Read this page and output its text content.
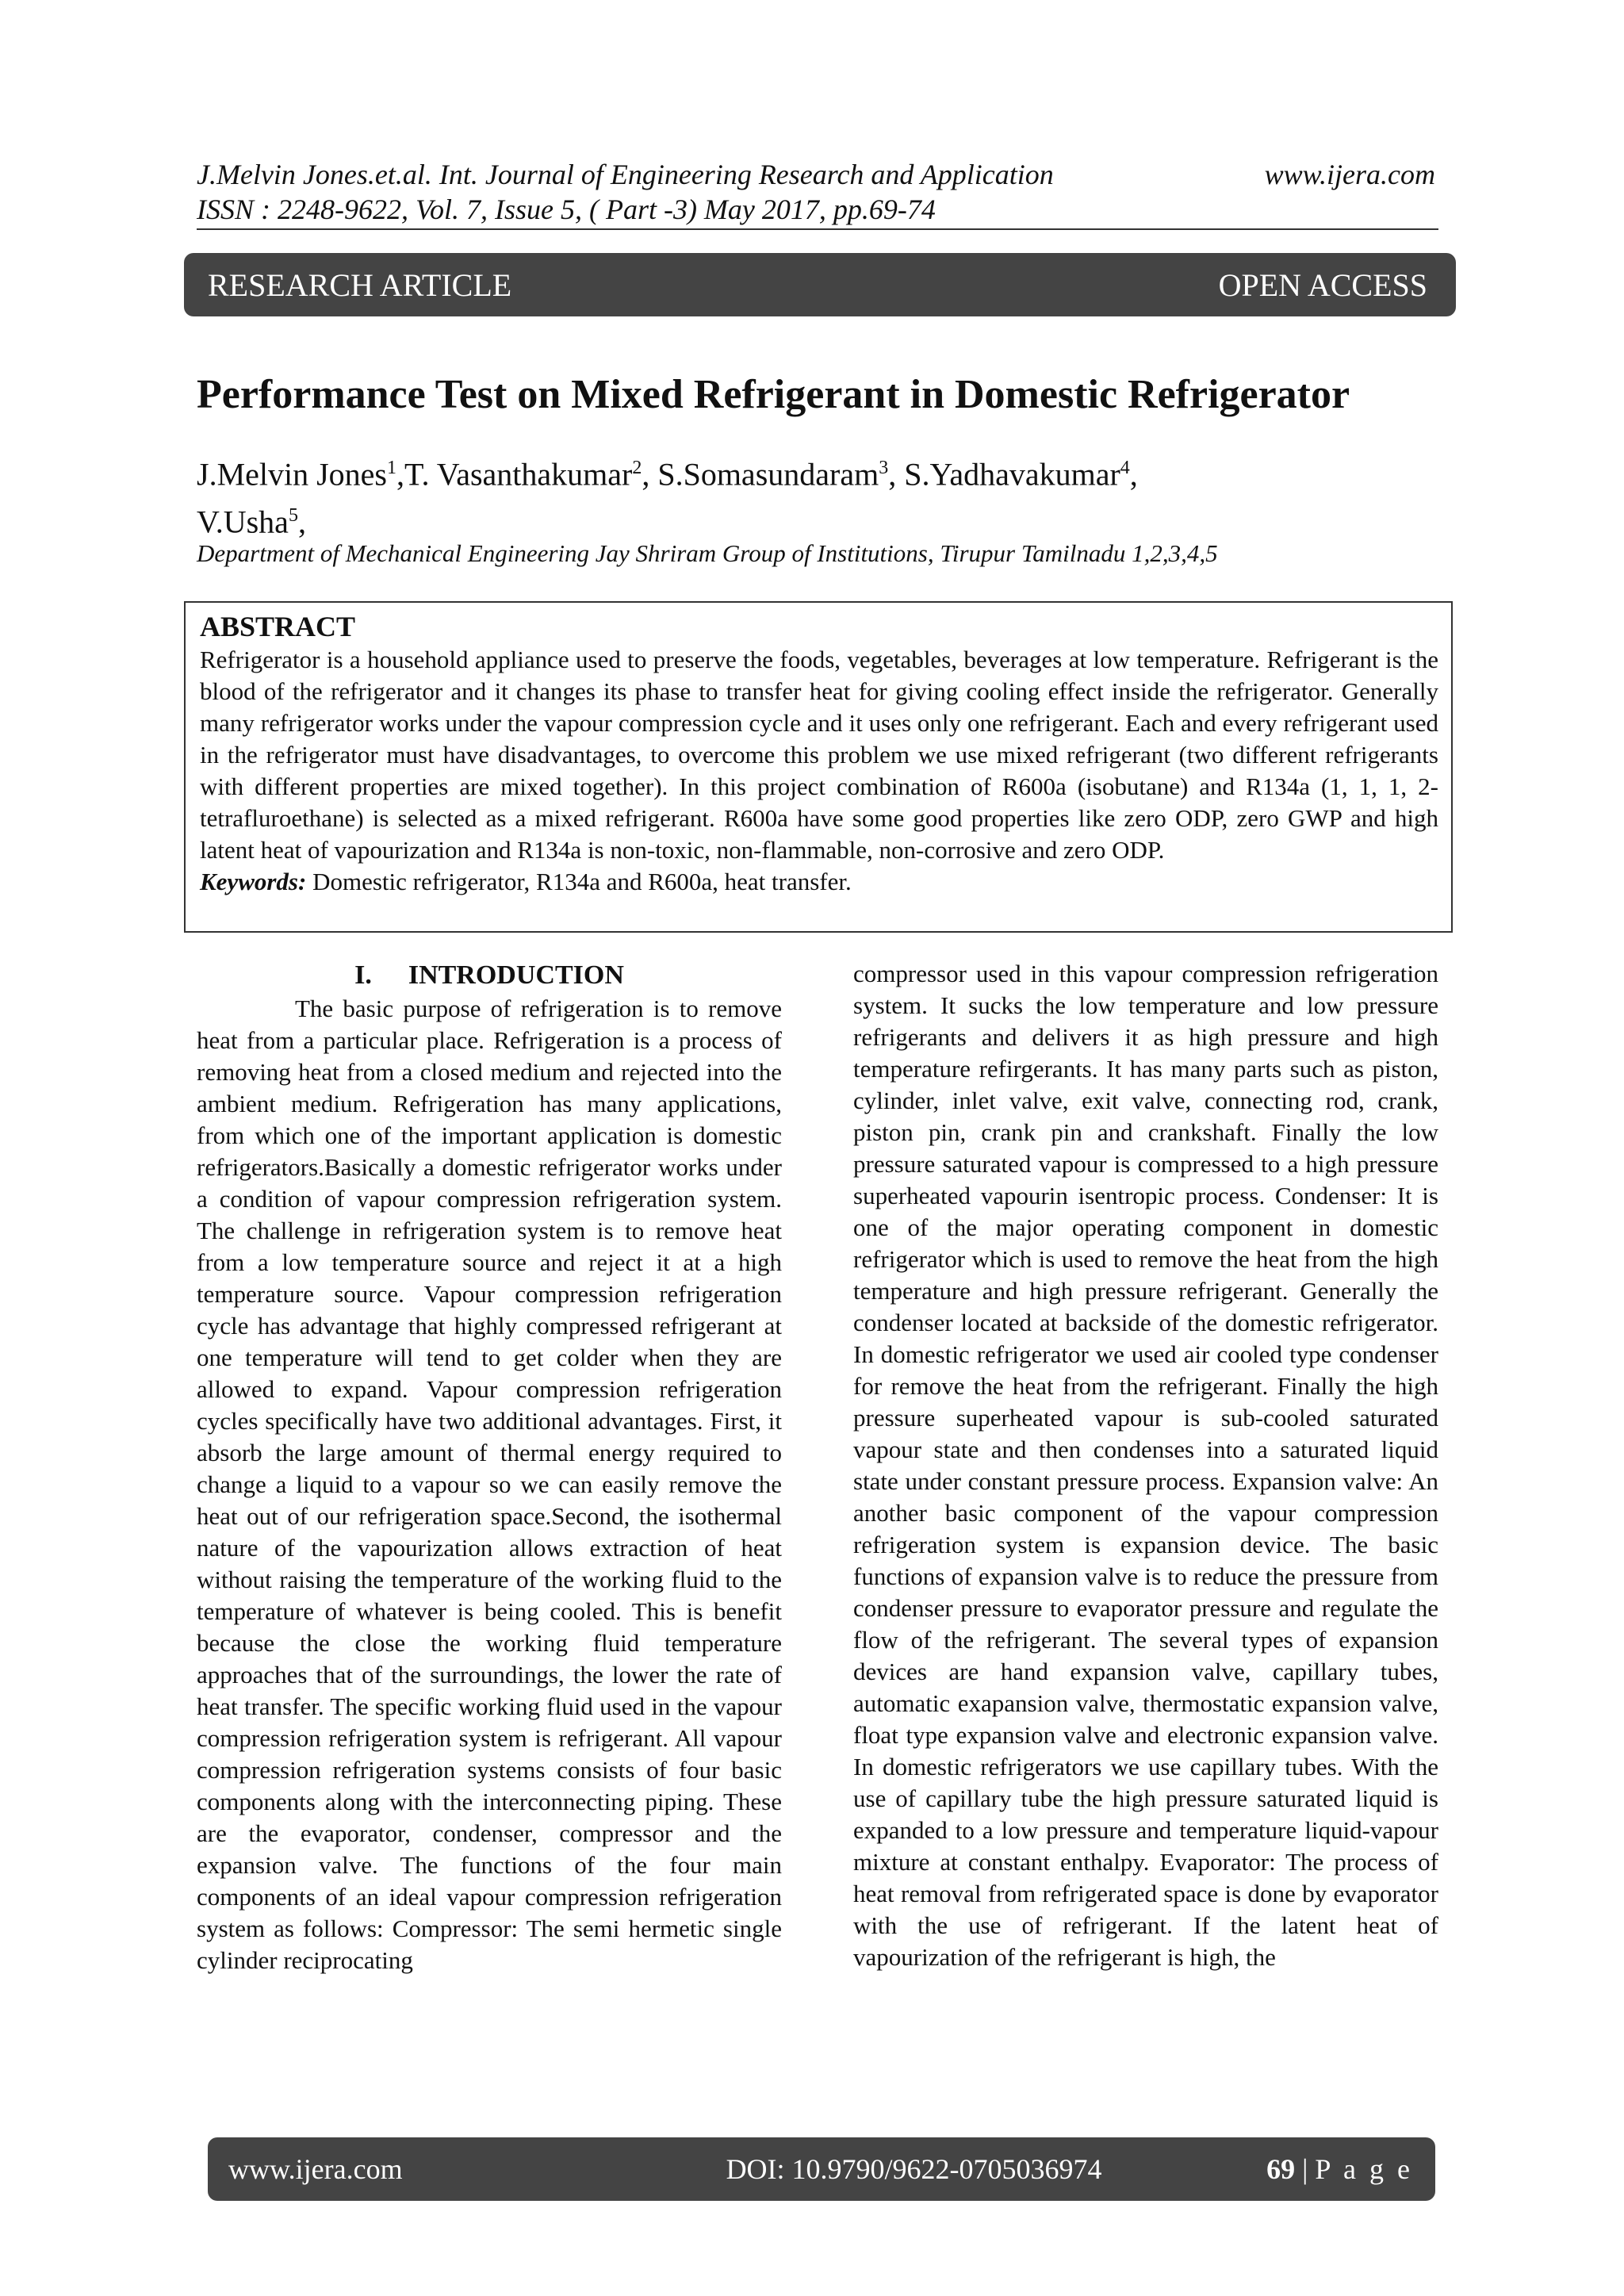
J.Melvin Jones.et.al. Int. Journal of Engineering Research and Application
ISSN : 2248-9622, Vol. 7, Issue 5, ( Part -3) May 2017, pp.69-74
www.ijera.com
RESEARCH ARTICLE	OPEN ACCESS
Performance Test on Mixed Refrigerant in Domestic Refrigerator
J.Melvin Jones$^1$,T. Vasanthakumar$^2$, S.Somasundaram$^3$, S.Yadhavakumar$^4$,
V.Usha$^5$,
Department of Mechanical Engineering Jay Shriram Group of Institutions, Tirupur Tamilnadu 1,2,3,4,5
ABSTRACT
Refrigerator is a household appliance used to preserve the foods, vegetables, beverages at low temperature. Refrigerant is the blood of the refrigerator and it changes its phase to transfer heat for giving cooling effect inside the refrigerator. Generally many refrigerator works under the vapour compression cycle and it uses only one refrigerant. Each and every refrigerant used in the refrigerator must have disadvantages, to overcome this problem we use mixed refrigerant (two different refrigerants with different properties are mixed together). In this project combination of R600a (isobutane) and R134a (1, 1, 1, 2-tetrafluroethane) is selected as a mixed refrigerant. R600a have some good properties like zero ODP, zero GWP and high latent heat of vapourization and R134a is non-toxic, non-flammable, non-corrosive and zero ODP.
Keywords: Domestic refrigerator, R134a and R600a, heat transfer.
I. INTRODUCTION

The basic purpose of refrigeration is to remove heat from a particular place. Refrigeration is a process of removing heat from a closed medium and rejected into the ambient medium. Refrigeration has many applications, from which one of the important application is domestic refrigerators.Basically a domestic refrigerator works under a condition of vapour compression refrigeration system. The challenge in refrigeration system is to remove heat from a low temperature source and reject it at a high temperature source. Vapour compression refrigeration cycle has advantage that highly compressed refrigerant at one temperature will tend to get colder when they are allowed to expand. Vapour compression refrigeration cycles specifically have two additional advantages. First, it absorb the large amount of thermal energy required to change a liquid to a vapour so we can easily remove the heat out of our refrigeration space.Second, the isothermal nature of the vapourization allows extraction of heat without raising the temperature of the working fluid to the temperature of whatever is being cooled. This is benefit because the close the working fluid temperature approaches that of the surroundings, the lower the rate of heat transfer. The specific working fluid used in the vapour compression refrigeration system is refrigerant. All vapour compression refrigeration systems consists of four basic components along with the interconnecting piping. These are the evaporator, condenser, compressor and the expansion valve. The functions of the four main components of an ideal vapour compression refrigeration system as follows: Compressor: The semi hermetic single cylinder reciprocating

compressor used in this vapour compression refrigeration system. It sucks the low temperature and low pressure refrigerants and delivers it as high pressure and high temperature refirgerants. It has many parts such as piston, cylinder, inlet valve, exit valve, connecting rod, crank, piston pin, crank pin and crankshaft. Finally the low pressure saturated vapour is compressed to a high pressure superheated vapourin isentropic process. Condenser: It is one of the major operating component in domestic refrigerator which is used to remove the heat from the high temperature and high pressure refrigerant. Generally the condenser located at backside of the domestic refrigerator. In domestic refrigerator we used air cooled type condenser for remove the heat from the refrigerant. Finally the high pressure superheated vapour is sub-cooled saturated vapour state and then condenses into a saturated liquid state under constant pressure process. Expansion valve: An another basic component of the vapour compression refrigeration system is expansion device. The basic functions of expansion valve is to reduce the pressure from condenser pressure to evaporator pressure and regulate the flow of the refrigerant. The several types of expansion devices are hand expansion valve, capillary tubes, automatic exapansion valve, thermostatic expansion valve, float type expansion valve and electronic expansion valve. In domestic refrigerators we use capillary tubes. With the use of capillary tube the high pressure saturated liquid is expanded to a low pressure and temperature liquid-vapour mixture at constant enthalpy. Evaporator: The process of heat removal from refrigerated space is done by evaporator with the use of refrigerant. If the latent heat of vapourization of the refrigerant is high, the

www.ijera.com	DOI: 10.9790/9622-0705036974	69 | P a g e
